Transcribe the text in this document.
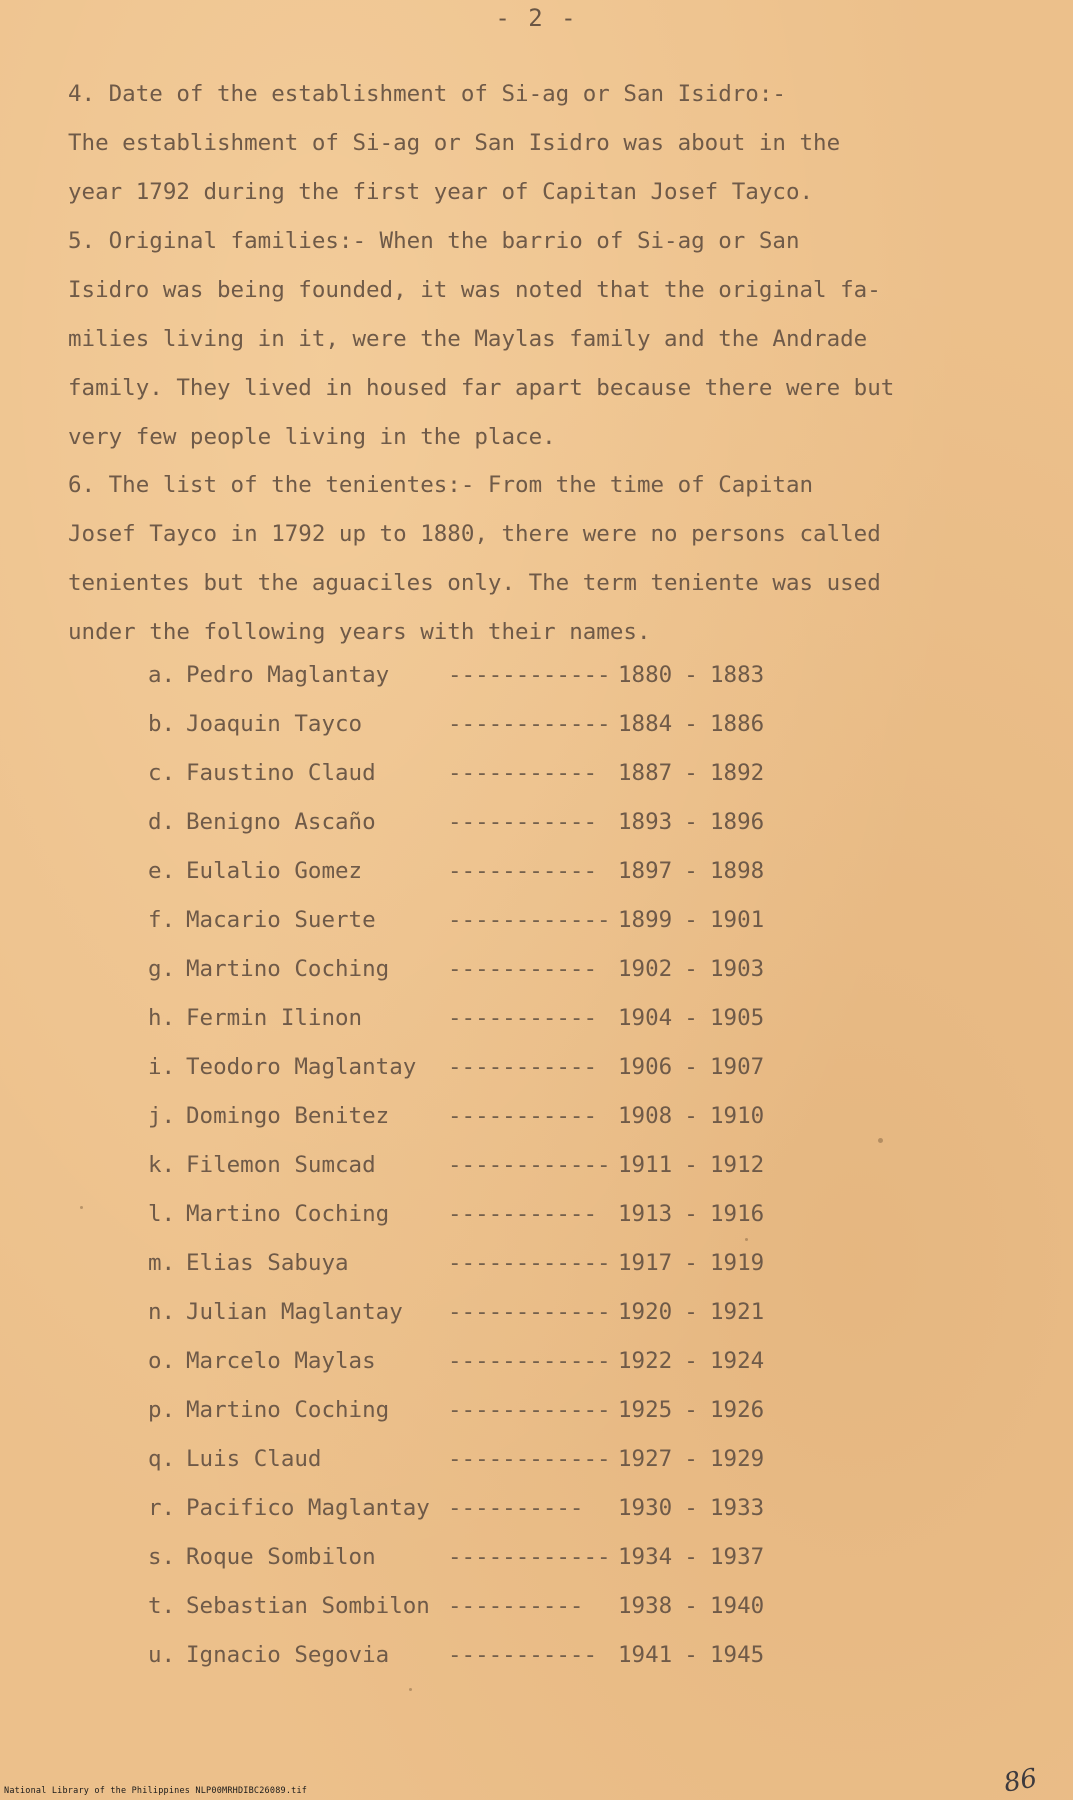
- 2 -

4. Date of the establishment of Si-ag or San Isidro:-
The establishment of Si-ag or San Isidro was about in the
year 1792 during the first year of Capitan Josef Tayco.

5. Original families:- When the barrio of Si-ag or San
Isidro was being founded, it was noted that the original fa-
milies living in it, were the Maylas family and the Andrade
family. They lived in housed far apart because there were but
very few people living in the place.

6. The list of the tenientes:- From the time of Capitan
Josef Tayco in 1792 up to 1880, there were no persons called
tenientes but the aguaciles only. The term teniente was used
under the following years with their names.

a. Pedro Maglantay	------------ 1880 - 1883
b. Joaquin Tayco	------------ 1884 - 1886
c. Faustino Claud	----------- 1887 - 1892
d. Benigno Ascaño	----------- 1893 - 1896
e. Eulalio Gomez	----------- 1897 - 1898
f. Macario Suerte	------------ 1899 - 1901
g. Martino Coching	----------- 1902 - 1903
h. Fermin Ilinon	----------- 1904 - 1905
i. Teodoro Maglantay ----------- 1906 - 1907
j. Domingo Benitez	----------- 1908 - 1910
k. Filemon Sumcad	------------ 1911 - 1912
l. Martino Coching	----------- 1913 - 1916
m. Elias Sabuya	------------ 1917 - 1919
n. Julian Maglantay ------------ 1920 - 1921
o. Marcelo Maylas	------------ 1922 - 1924
p. Martino Coching	------------ 1925 - 1926
q. Luis Claud	------------ 1927 - 1929
r. Pacifico Maglantay ---------- 1930 - 1933
s. Roque Sombilon	------------ 1934 - 1937
t. Sebastian Sombilon ---------- 1938 - 1940
u. Ignacio Segovia	----------- 1941 - 1945
National Library of the Philippines NLP00MRHDIBC26089.tif	86
